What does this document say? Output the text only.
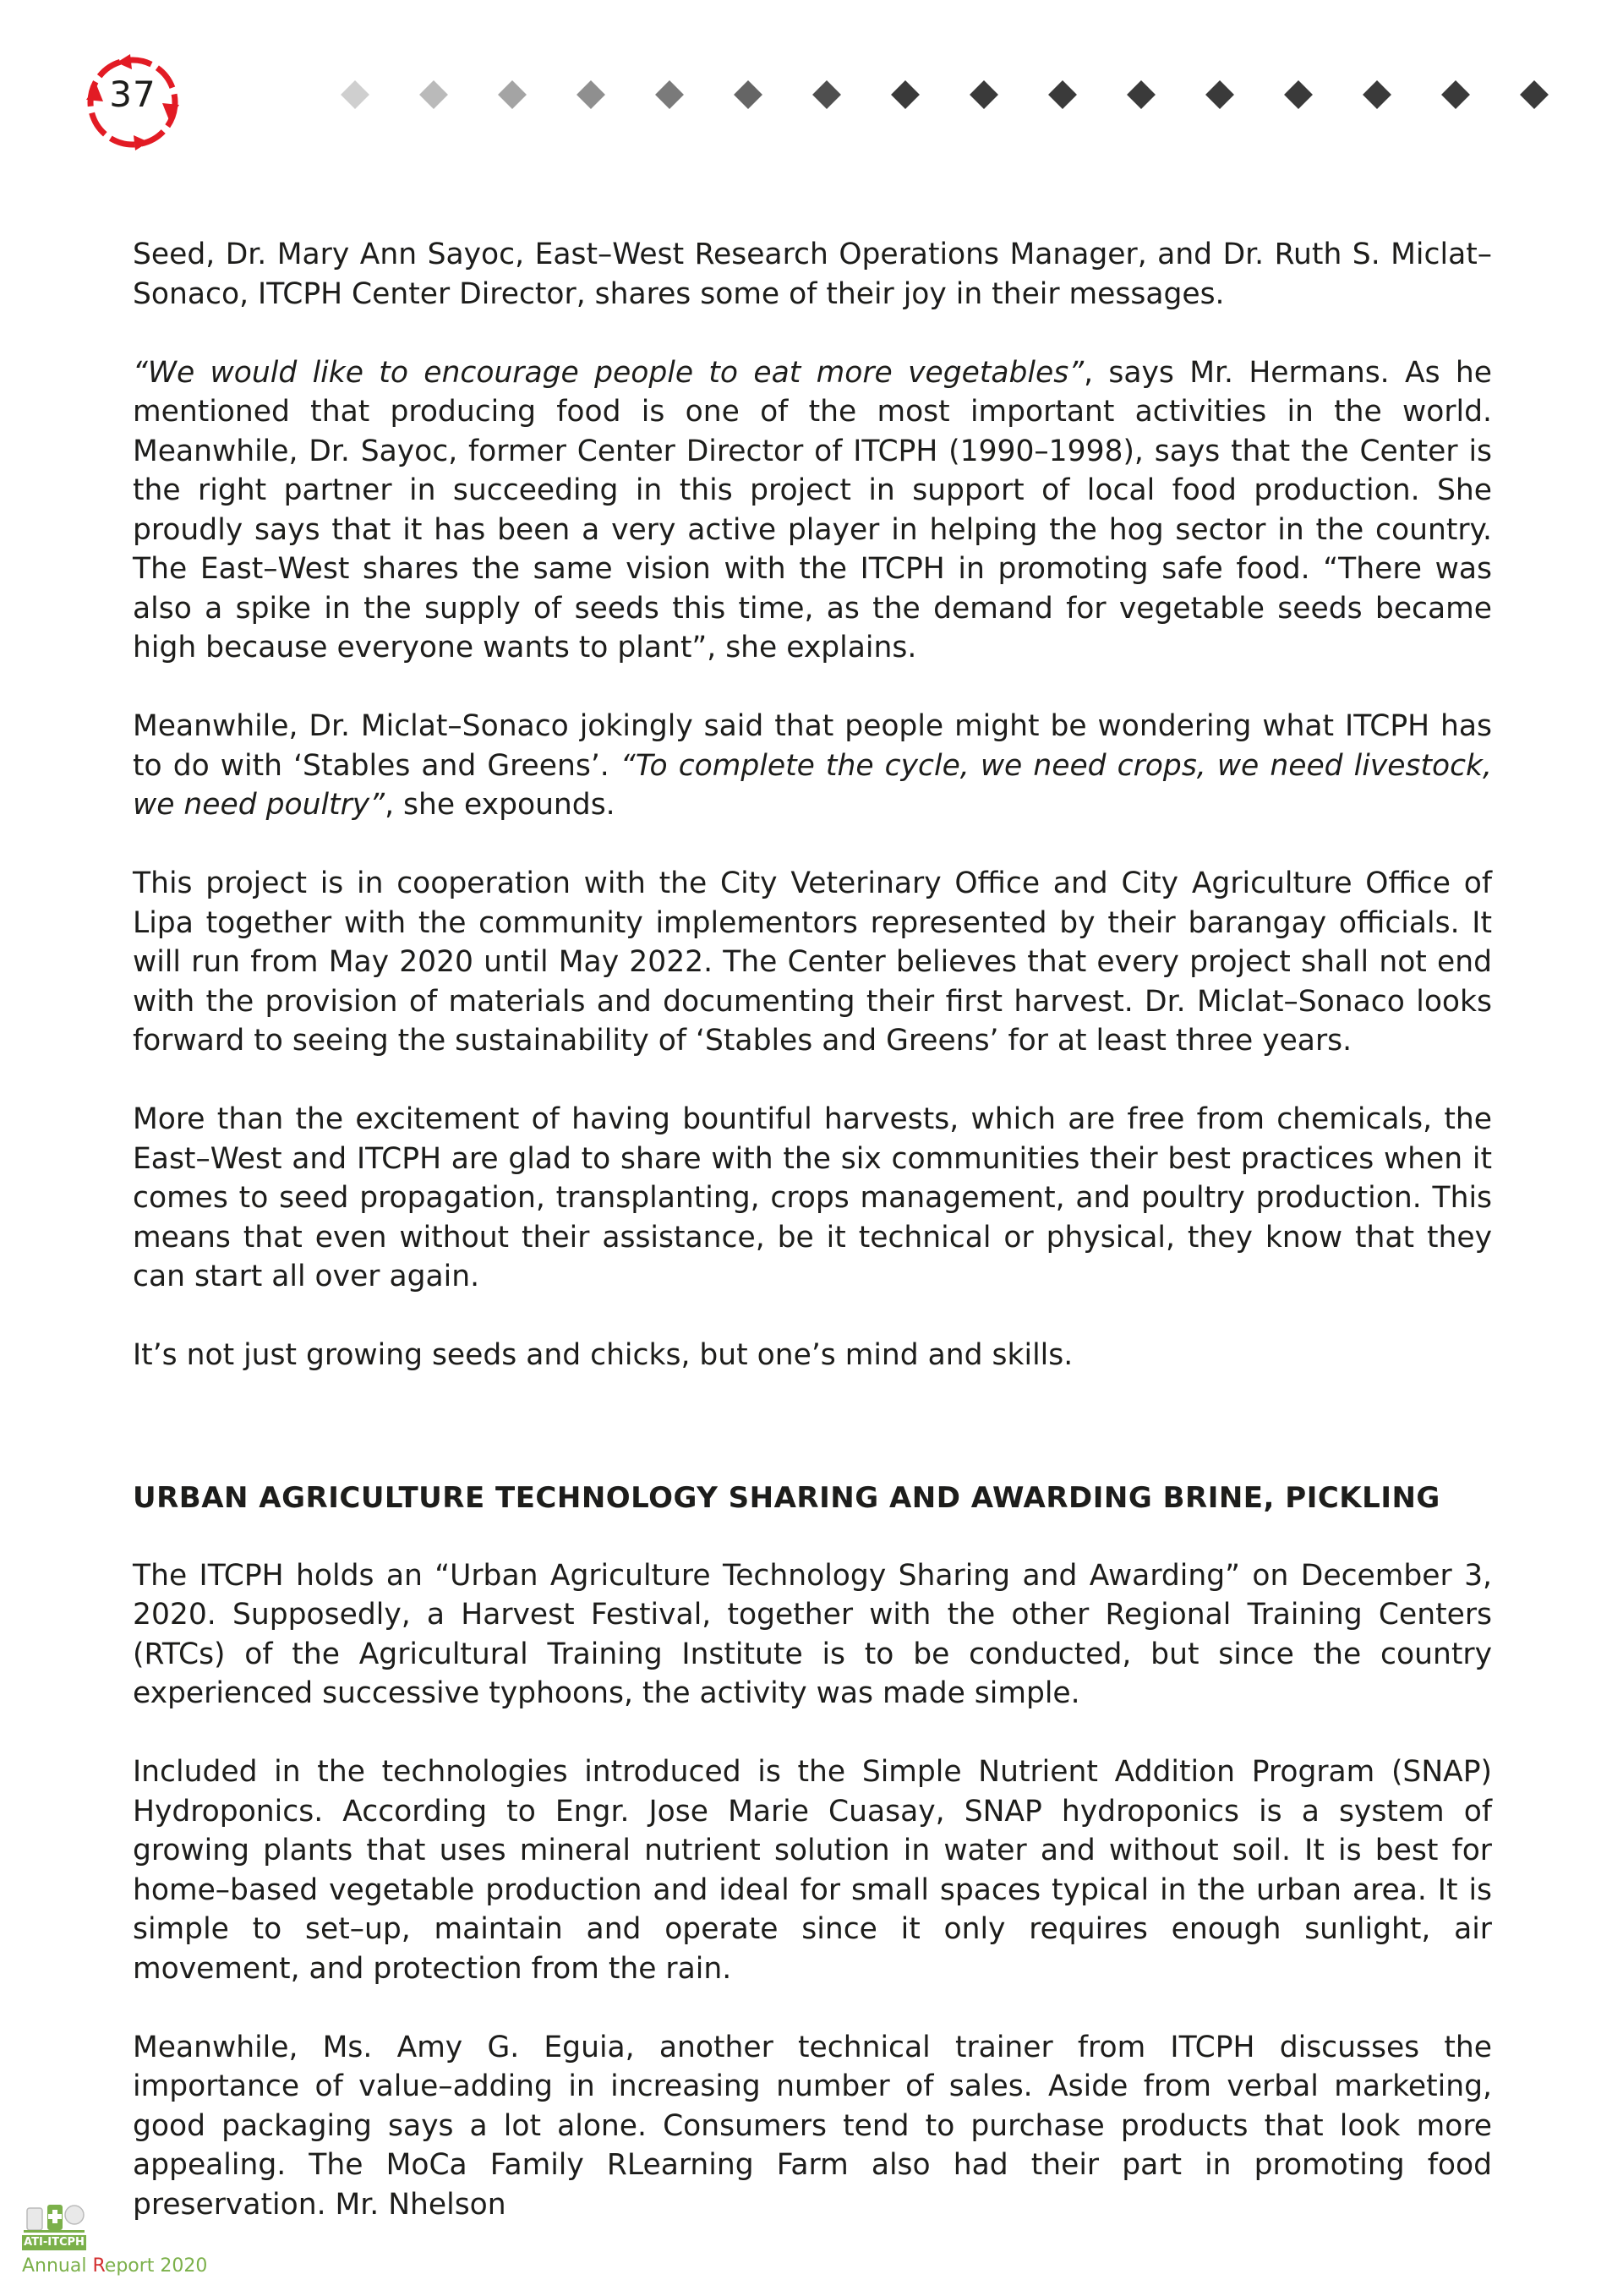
37

Seed, Dr. Mary Ann Sayoc, East–West Research Operations Manager, and Dr. Ruth S. Miclat–Sonaco, ITCPH Center Director, shares some of their joy in their messages.

“We would like to encourage people to eat more vegetables”, says Mr. Hermans. As he mentioned that producing food is one of the most important activities in the world. Meanwhile, Dr. Sayoc, former Center Director of ITCPH (1990–1998), says that the Center is the right partner in succeeding in this project in support of local food production. She proudly says that it has been a very active player in helping the hog sector in the country. The East–West shares the same vision with the ITCPH in promoting safe food. “There was also a spike in the supply of seeds this time, as the demand for vegetable seeds became high because everyone wants to plant”, she explains.

Meanwhile, Dr. Miclat–Sonaco jokingly said that people might be wondering what ITCPH has to do with ‘Stables and Greens’. “To complete the cycle, we need crops, we need livestock, we need poultry”, she expounds.

This project is in cooperation with the City Veterinary Office and City Agriculture Office of Lipa together with the community implementors represented by their barangay officials. It will run from May 2020 until May 2022. The Center believes that every project shall not end with the provision of materials and documenting their first harvest. Dr. Miclat–Sonaco looks forward to seeing the sustainability of ‘Stables and Greens’ for at least three years.

More than the excitement of having bountiful harvests, which are free from chemicals, the East–West and ITCPH are glad to share with the six communities their best practices when it comes to seed propagation, transplanting, crops management, and poultry production. This means that even without their assistance, be it technical or physical, they know that they can start all over again.

It’s not just growing seeds and chicks, but one’s mind and skills.

URBAN AGRICULTURE TECHNOLOGY SHARING AND AWARDING BRINE, PICKLING

The ITCPH holds an “Urban Agriculture Technology Sharing and Awarding” on December 3, 2020. Supposedly, a Harvest Festival, together with the other Regional Training Centers (RTCs) of the Agricultural Training Institute is to be conducted, but since the country experienced successive typhoons, the activity was made simple.

Included in the technologies introduced is the Simple Nutrient Addition Program (SNAP) Hydroponics. According to Engr. Jose Marie Cuasay, SNAP hydroponics is a system of growing plants that uses mineral nutrient solution in water and without soil. It is best for home–based vegetable production and ideal for small spaces typical in the urban area. It is simple to set–up, maintain and operate since it only requires enough sunlight, air movement, and protection from the rain.

Meanwhile, Ms. Amy G. Eguia, another technical trainer from ITCPH discusses the importance of value–adding in increasing number of sales. Aside from verbal marketing, good packaging says a lot alone. Consumers tend to purchase products that look more appealing. The MoCa Family RLearning Farm also had their part in promoting food preservation. Mr. Nhelson

ATI-ITCPH
Annual Report 2020
